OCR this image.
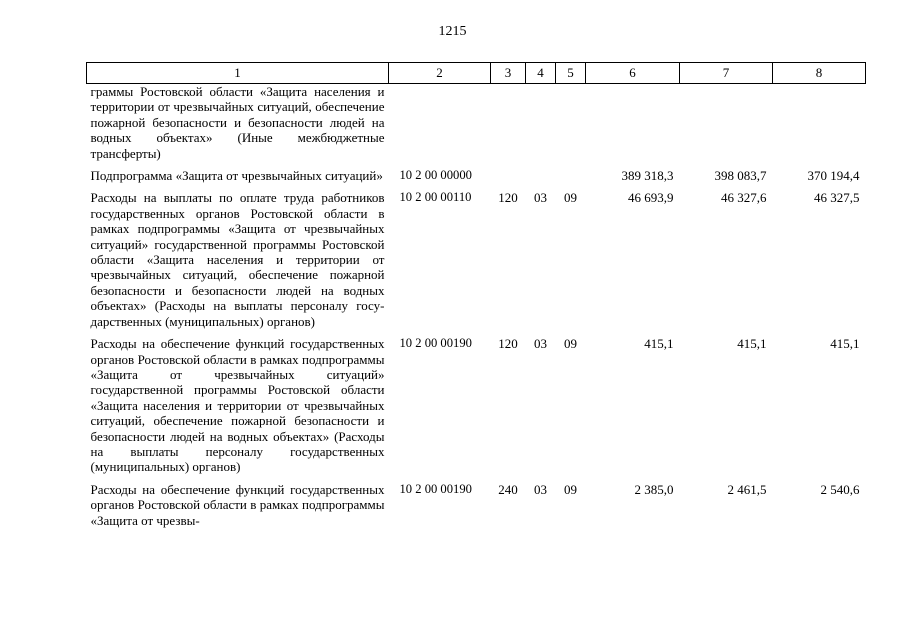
1215
1	2	3	4	5	6	7	8
граммы Ростовской области «Защита населения и территории от чрезвычайных ситуаций, обеспечение пожарной безопасности и безопасности людей на водных объектах» (Иные межбюджетные трансферты)							
Подпрограмма «Защита от чрезвычайных ситуаций»	10 2 00 00000				389 318,3	398 083,7	370 194,4
Расходы на выплаты по оплате труда работников государственных органов Ростовской области в рамках подпрограммы «Защита от чрезвычайных ситуаций» государственной программы Ростовской области «Защита населения и территории от чрезвычайных ситуаций, обеспечение пожарной безопасности и безопасности людей на водных объектах» (Расходы на выплаты персоналу государственных (муниципальных) органов)	10 2 00 00110	120	03	09	46 693,9	46 327,6	46 327,5
Расходы на обеспечение функций государственных органов Ростовской области в рамках подпрограммы «Защита от чрезвычайных ситуаций» государственной программы Ростовской области «Защита населения и территории от чрезвычайных ситуаций, обеспечение пожарной безопасности и безопасности людей на водных объектах» (Расходы на выплаты персоналу государственных (муниципальных) органов)	10 2 00 00190	120	03	09	415,1	415,1	415,1
Расходы на обеспечение функций государственных органов Ростовской области в рамках подпрограммы «Защита от чрезвы-	10 2 00 00190	240	03	09	2 385,0	2 461,5	2 540,6
